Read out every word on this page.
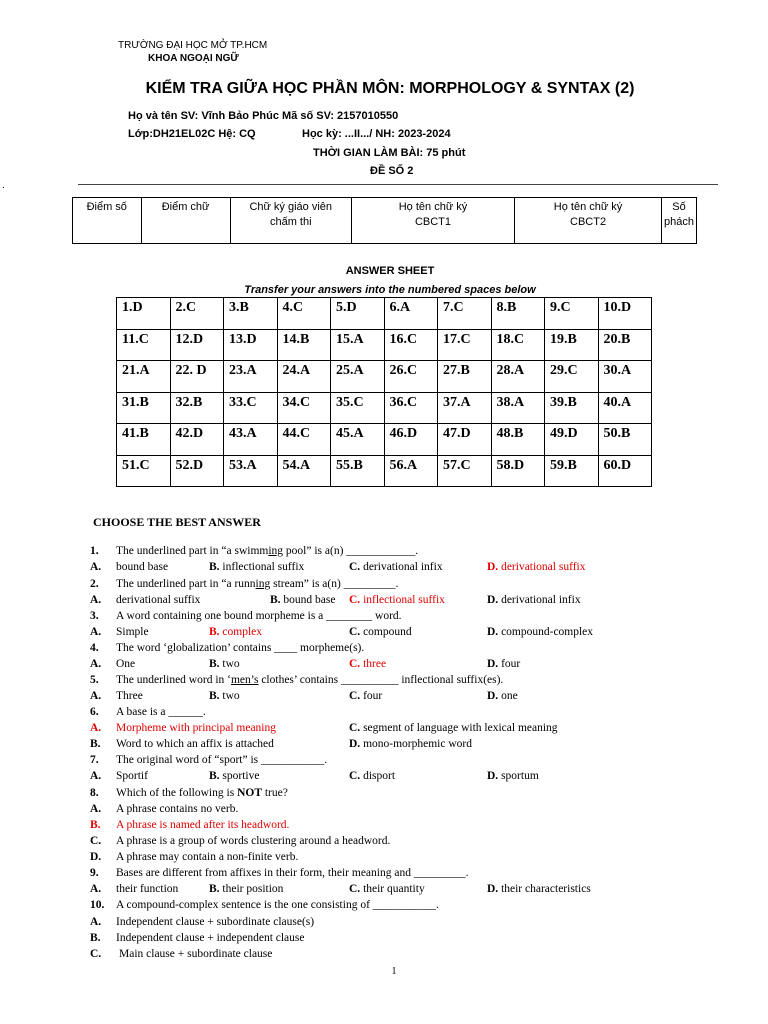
TRƯỜNG ĐẠI HỌC MỞ TP.HCM
KHOA NGOẠI NGỮ
KIỂM TRA GIỮA HỌC PHẦN MÔN: MORPHOLOGY & SYNTAX (2)
Họ và tên SV: Vĩnh Bảo Phúc Mã số SV: 2157010550
Lớp:DH21EL02C Hệ: CQ	Học kỳ: ...II.../ NH: 2023-2024
THỜI GIAN LÀM BÀI: 75 phút
ĐỀ SỐ 2
.
Điểm số	Điểm chữ	Chữ ký giáo viên chấm thi	Họ tên chữ ký CBCT1	Họ tên chữ ký CBCT2	Số phách
ANSWER SHEET
Transfer your answers into the numbered spaces below
1.D	2.C	3.B	4.C	5.D	6.A	7.C	8.B	9.C	10.D
11.C	12.D	13.D	14.B	15.A	16.C	17.C	18.C	19.B	20.B
21.A	22. D	23.A	24.A	25.A	26.C	27.B	28.A	29.C	30.A
31.B	32.B	33.C	34.C	35.C	36.C	37.A	38.A	39.B	40.A
41.B	42.D	43.A	44.C	45.A	46.D	47.D	48.B	49.D	50.B
51.C	52.D	53.A	54.A	55.B	56.A	57.C	58.D	59.B	60.D
CHOOSE THE BEST ANSWER
1. The underlined part in “a swimming pool” is a(n) ____________.
A. bound base	B. inflectional suffix	C. derivational infix	D. derivational suffix
2. The underlined part in “a running stream” is a(n) _________.
A. derivational suffix	B. bound base C. inflectional suffix	D. derivational infix
3. A word containing one bound morpheme is a ________ word.
A. Simple	B. complex	C. compound	D. compound-complex
4. The word ‘globalization’ contains ____ morpheme(s).
A. One	B. two	C. three	D. four
5. The underlined word in ‘men’s clothes’ contains __________ inflectional suffix(es).
A. Three	B. two	C. four	D. one
6. A base is a ______.
A. Morpheme with principal meaning	C. segment of language with lexical meaning
B. Word to which an affix is attached	D. mono-morphemic word
7. The original word of “sport” is ___________.
A. Sportif	B. sportive	C. disport	D. sportum
8. Which of the following is NOT true?
A. A phrase contains no verb.
B. A phrase is named after its headword.
C. A phrase is a group of words clustering around a headword.
D. A phrase may contain a non-finite verb.
9. Bases are different from affixes in their form, their meaning and _________.
A. their function	B. their position	C. their quantity	D. their characteristics
10. A compound-complex sentence is the one consisting of ___________.
A. Independent clause + subordinate clause(s)
B. Independent clause + independent clause
C. Main clause + subordinate clause
1
